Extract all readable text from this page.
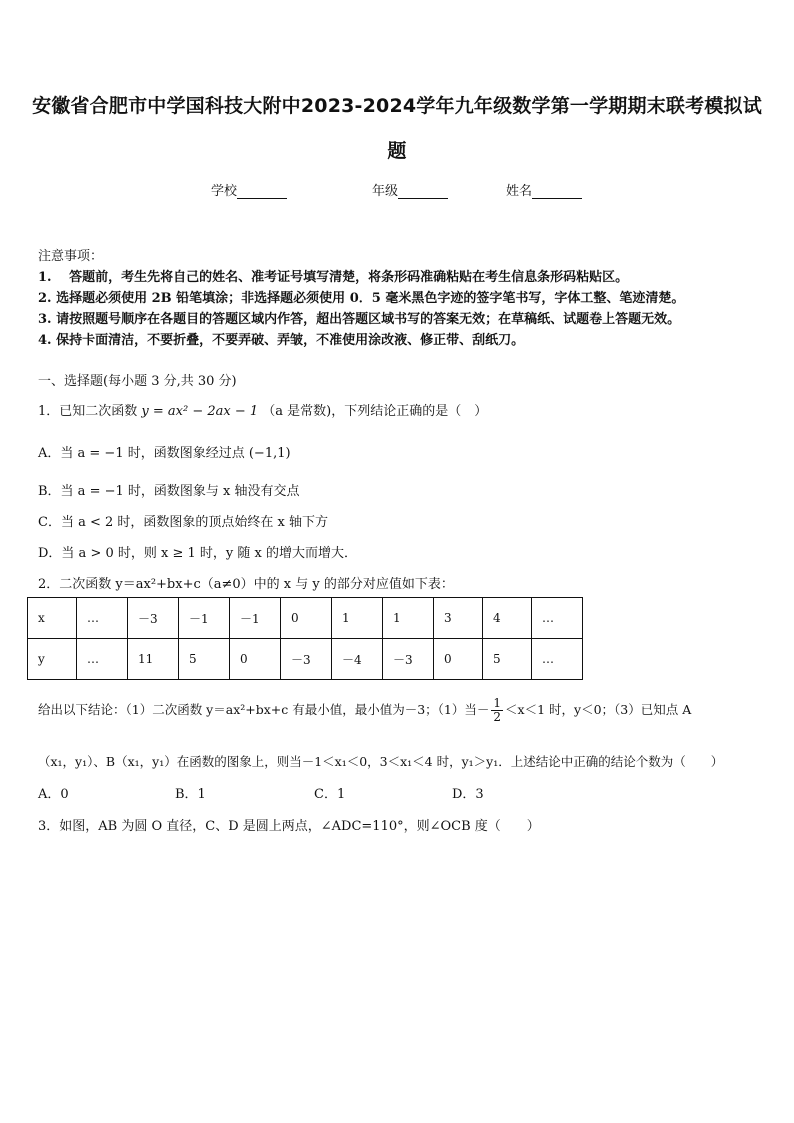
安徽省合肥市中学国科技大附中2023-2024学年九年级数学第一学期期末联考模拟试题
学校	年级	姓名
注意事项：
1.　 答题前，考生先将自己的姓名、准考证号填写清楚，将条形码准确粘贴在考生信息条形码粘贴区。
2. 选择题必须使用 2B 铅笔填涂；非选择题必须使用 0．5 毫米黑色字迹的签字笔书写，字体工整、笔迹清楚。
3. 请按照题号顺序在各题目的答题区域内作答，超出答题区域书写的答案无效；在草稿纸、试题卷上答题无效。
4. 保持卡面清洁，不要折叠，不要弄破、弄皱，不准使用涂改液、修正带、刮纸刀。
一、选择题(每小题 3 分,共 30 分)
1．已知二次函数 y = ax² − 2ax − 1 （a 是常数)，下列结论正确的是（　）
A．当 a = −1 时，函数图象经过点 (−1,1)
B．当 a = −1 时，函数图象与 x 轴没有交点
C．当 a < 2 时，函数图象的顶点始终在 x 轴下方
D．当 a > 0 时，则 x ≥ 1 时，y 随 x 的增大而增大．
2．二次函数 y＝ax²+bx+c（a≠0）中的 x 与 y 的部分对应值如下表：
x	…	－3	－1	－1	0	1	1	3	4	…
y	…	11	5	0	－3	－4	－3	0	5	…
给出以下结论：（1）二次函数 y＝ax²+bx+c 有最小值，最小值为－3；（1）当－ $\frac{1}{2} <x<1$ 时，y＜0；（3）已知点 A
（x₁，y₁）、B（x₁，y₁）在函数的图象上，则当－1＜x₁＜0，3＜x₁＜4 时，y₁＞y₁．上述结论中正确的结论个数为（　　）
A．0	B．1	C．1	D．3
3．如图，AB 为圆 O 直径，C、D 是圆上两点，∠ADC=110°，则∠OCB 度（　　）
